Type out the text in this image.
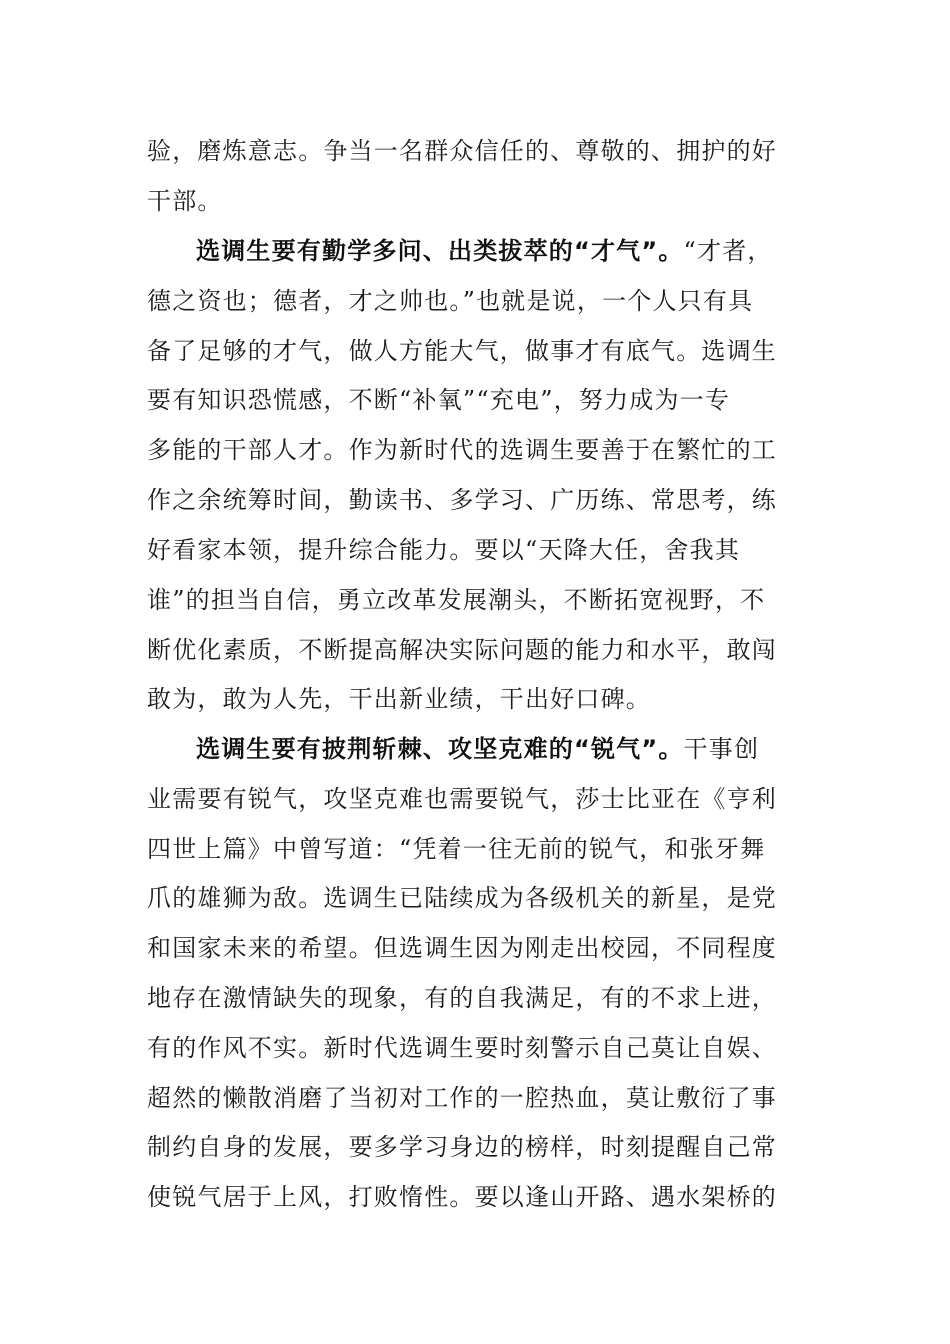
验，磨炼意志。争当一名群众信任的、尊敬的、拥护的好
干部。
选调生要有勤学多问、出类拔萃的“才气”。“才者，
德之资也；德者，才之帅也。”也就是说，一个人只有具
备了足够的才气，做人方能大气，做事才有底气。选调生
要有知识恐慌感，不断“补氧”“充电”，努力成为一专
多能的干部人才。作为新时代的选调生要善于在繁忙的工
作之余统筹时间，勤读书、多学习、广历练、常思考，练
好看家本领，提升综合能力。要以“天降大任，舍我其
谁”的担当自信，勇立改革发展潮头，不断拓宽视野，不
断优化素质，不断提高解决实际问题的能力和水平，敢闯
敢为，敢为人先，干出新业绩，干出好口碑。
选调生要有披荆斩棘、攻坚克难的“锐气”。干事创
业需要有锐气，攻坚克难也需要锐气，莎士比亚在《亨利
四世上篇》中曾写道：“凭着一往无前的锐气，和张牙舞
爪的雄狮为敌。选调生已陆续成为各级机关的新星，是党
和国家未来的希望。但选调生因为刚走出校园，不同程度
地存在激情缺失的现象，有的自我满足，有的不求上进，
有的作风不实。新时代选调生要时刻警示自己莫让自娱、
超然的懒散消磨了当初对工作的一腔热血，莫让敷衍了事
制约自身的发展，要多学习身边的榜样，时刻提醒自己常
使锐气居于上风，打败惰性。要以逢山开路、遇水架桥的
